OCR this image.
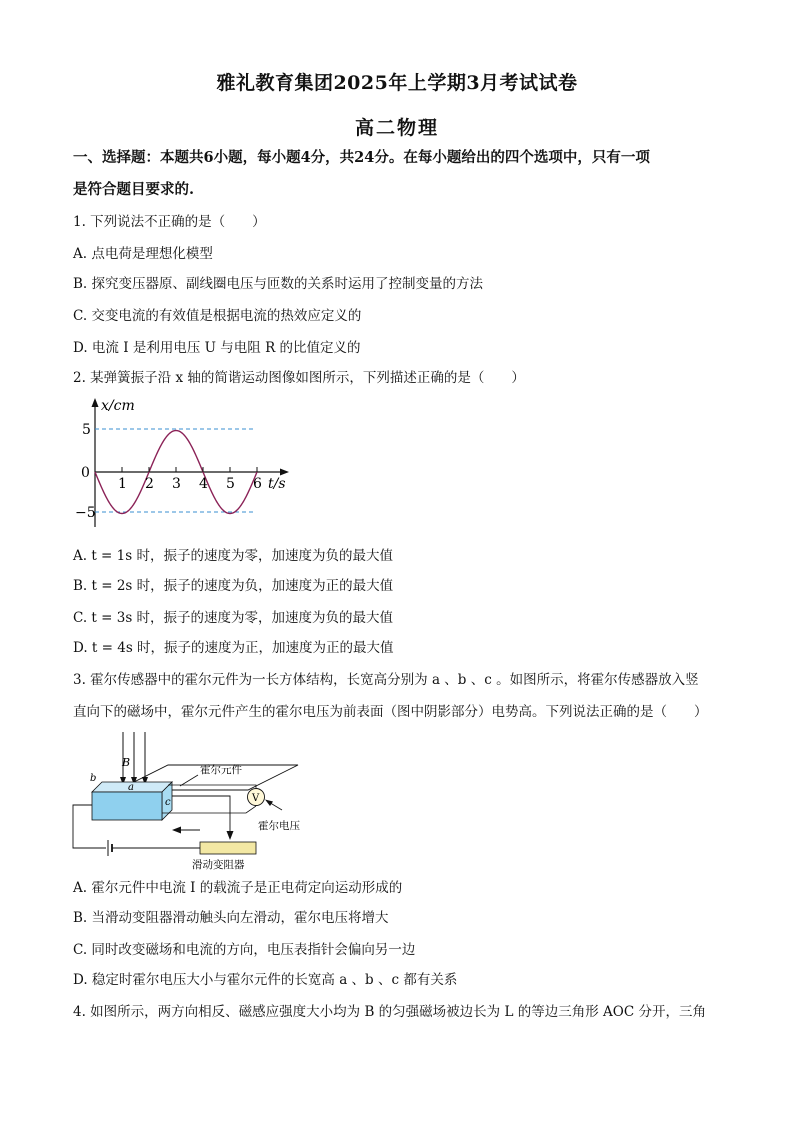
雅礼教育集团2025年上学期3月考试试卷
高二物理
一、选择题：本题共6小题，每小题4分，共24分。在每小题给出的四个选项中，只有一项
是符合题目要求的.
1. 下列说法不正确的是（　　）
A. 点电荷是理想化模型
B. 探究变压器原、副线圈电压与匝数的关系时运用了控制变量的方法
C. 交变电流的有效值是根据电流的热效应定义的
D. 电流 I 是利用电压 U 与电阻 R 的比值定义的
2. 某弹簧振子沿 x 轴的简谐运动图像如图所示，下列描述正确的是（　　）
1 2 3 4 5 6
x/cm
t/s
0
5
−5
A. t = 1s 时，振子的速度为零，加速度为负的最大值
B. t = 2s 时，振子的速度为负，加速度为正的最大值
C. t = 3s 时，振子的速度为零，加速度为负的最大值
D. t = 4s 时，振子的速度为正，加速度为正的最大值
3. 霍尔传感器中的霍尔元件为一长方体结构，长宽高分别为 a 、b 、c 。如图所示，将霍尔传感器放入竖
直向下的磁场中，霍尔元件产生的霍尔电压为前表面（图中阴影部分）电势高。下列说法正确的是（　　）
B
a
b
c	V
霍尔元件
霍尔电压
滑动变阻器
A. 霍尔元件中电流 I 的载流子是正电荷定向运动形成的
B. 当滑动变阻器滑动触头向左滑动，霍尔电压将增大
C. 同时改变磁场和电流的方向，电压表指针会偏向另一边
D. 稳定时霍尔电压大小与霍尔元件的长宽高 a 、b 、c 都有关系
4. 如图所示，两方向相反、磁感应强度大小均为 B 的匀强磁场被边长为 L 的等边三角形 AOC 分开，三角
